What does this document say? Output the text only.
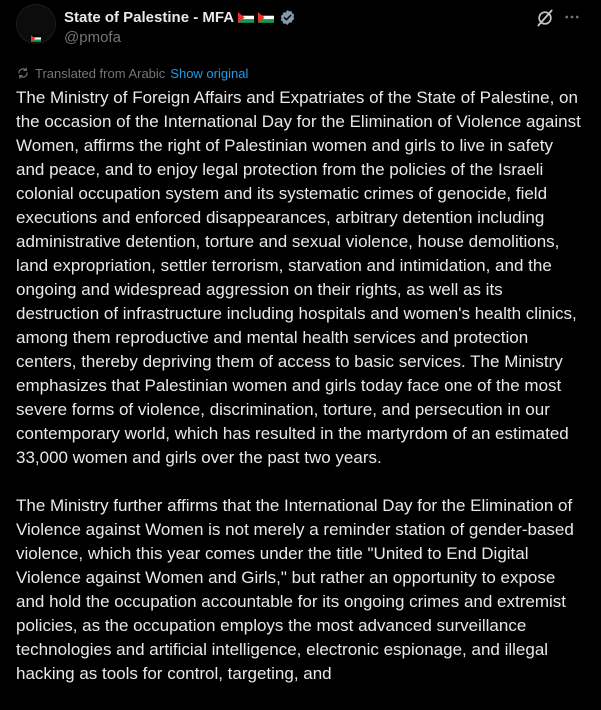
State of Palestine - MFA
@pmofa
Translated from Arabic Show original

The Ministry of Foreign Affairs and Expatriates of the State of Palestine, on the occasion of the International Day for the Elimination of Violence against Women, affirms the right of Palestinian women and girls to live in safety and peace, and to enjoy legal protection from the policies of the Israeli colonial occupation system and its systematic crimes of genocide, field executions and enforced disappearances, arbitrary detention including administrative detention, torture and sexual violence, house demolitions, land expropriation, settler terrorism, starvation and intimidation, and the ongoing and widespread aggression on their rights, as well as its destruction of infrastructure including hospitals and women's health clinics, among them reproductive and mental health services and protection centers, thereby depriving them of access to basic services. The Ministry emphasizes that Palestinian women and girls today face one of the most severe forms of violence, discrimination, torture, and persecution in our contemporary world, which has resulted in the martyrdom of an estimated 33,000 women and girls over the past two years.

The Ministry further affirms that the International Day for the Elimination of Violence against Women is not merely a reminder station of gender-based violence, which this year comes under the title "United to End Digital Violence against Women and Girls," but rather an opportunity to expose and hold the occupation accountable for its ongoing crimes and extremist policies, as the occupation employs the most advanced surveillance technologies and artificial intelligence, electronic espionage, and illegal hacking as tools for control, targeting, and
